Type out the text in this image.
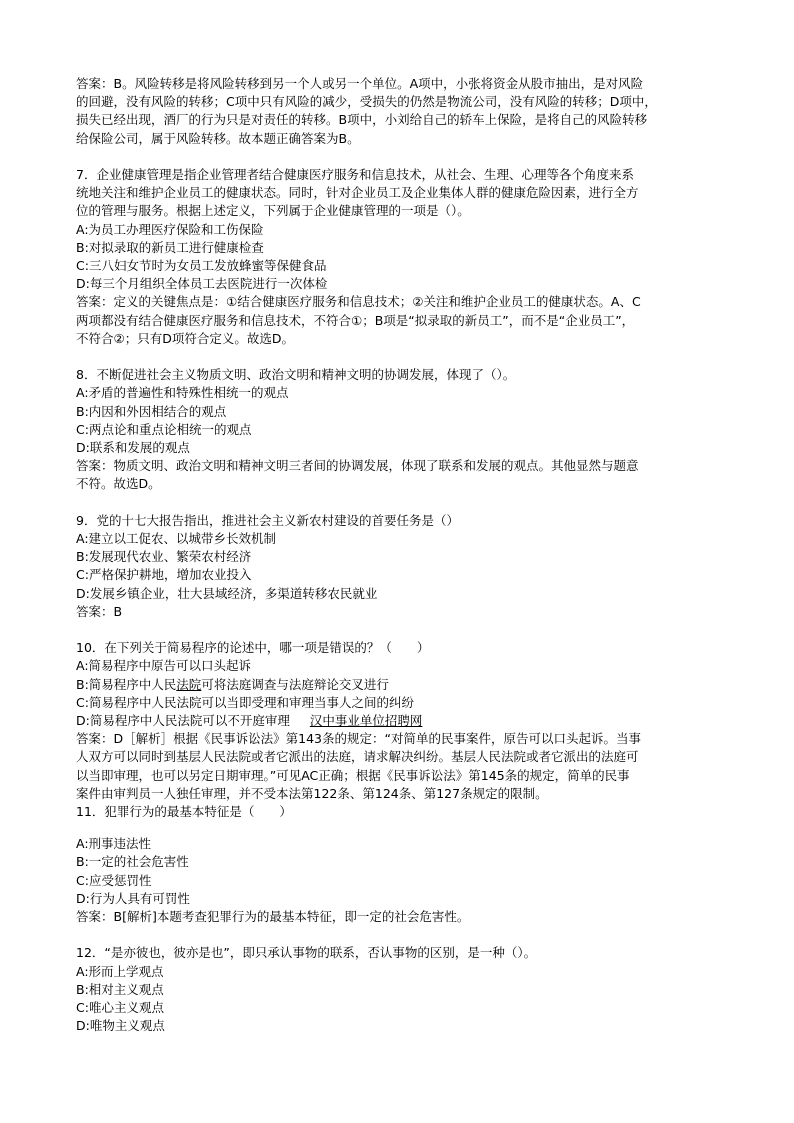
答案：B。风险转移是将风险转移到另一个人或另一个单位。A项中，小张将资金从股市抽出，是对风险
的回避，没有风险的转移；C项中只有风险的减少，受损失的仍然是物流公司，没有风险的转移；D项中，
损失已经出现，酒厂的行为只是对责任的转移。B项中，小刘给自己的轿车上保险，是将自己的风险转移
给保险公司，属于风险转移。故本题正确答案为B。
7．企业健康管理是指企业管理者结合健康医疗服务和信息技术，从社会、生理、心理等各个角度来系
统地关注和维护企业员工的健康状态。同时，针对企业员工及企业集体人群的健康危险因素，进行全方
位的管理与服务。根据上述定义，下列属于企业健康管理的一项是（）。
A:为员工办理医疗保险和工伤保险
B:对拟录取的新员工进行健康检查
C:三八妇女节时为女员工发放蜂蜜等保健食品
D:每三个月组织全体员工去医院进行一次体检
答案：定义的关键焦点是：①结合健康医疗服务和信息技术；②关注和维护企业员工的健康状态。A、C
两项都没有结合健康医疗服务和信息技术，不符合①；B项是“拟录取的新员工”，而不是“企业员工”，
不符合②；只有D项符合定义。故选D。
8．不断促进社会主义物质文明、政治文明和精神文明的协调发展，体现了（）。
A:矛盾的普遍性和特殊性相统一的观点
B:内因和外因相结合的观点
C:两点论和重点论相统一的观点
D:联系和发展的观点
答案：物质文明、政治文明和精神文明三者间的协调发展，体现了联系和发展的观点。其他显然与题意
不符。故选D。
9．党的十七大报告指出，推进社会主义新农村建设的首要任务是（）
A:建立以工促农、以城带乡长效机制
B:发展现代农业、繁荣农村经济
C:严格保护耕地，增加农业投入
D:发展乡镇企业，壮大县域经济，多渠道转移农民就业
答案：B
10．在下列关于简易程序的论述中，哪一项是错误的？（　　）
A:简易程序中原告可以口头起诉
B:简易程序中人民法院可将法庭调查与法庭辩论交叉进行
C:简易程序中人民法院可以当即受理和审理当事人之间的纠纷
D:简易程序中人民法院可以不开庭审理 汉中事业单位招聘网
答案：D［解析］根据《民事诉讼法》第143条的规定：“对简单的民事案件，原告可以口头起诉。当事
人双方可以同时到基层人民法院或者它派出的法庭，请求解决纠纷。基层人民法院或者它派出的法庭可
以当即审理，也可以另定日期审理。”可见AC正确；根据《民事诉讼法》第145条的规定，简单的民事
案件由审判员一人独任审理，并不受本法第122条、第124条、第127条规定的限制。
11．犯罪行为的最基本特征是（　　）
A:刑事违法性
B:一定的社会危害性
C:应受惩罚性
D:行为人具有可罚性
答案：B[解析]本题考查犯罪行为的最基本特征，即一定的社会危害性。
12．“是亦彼也，彼亦是也”，即只承认事物的联系，否认事物的区别，是一种（）。
A:形而上学观点
B:相对主义观点
C:唯心主义观点
D:唯物主义观点
